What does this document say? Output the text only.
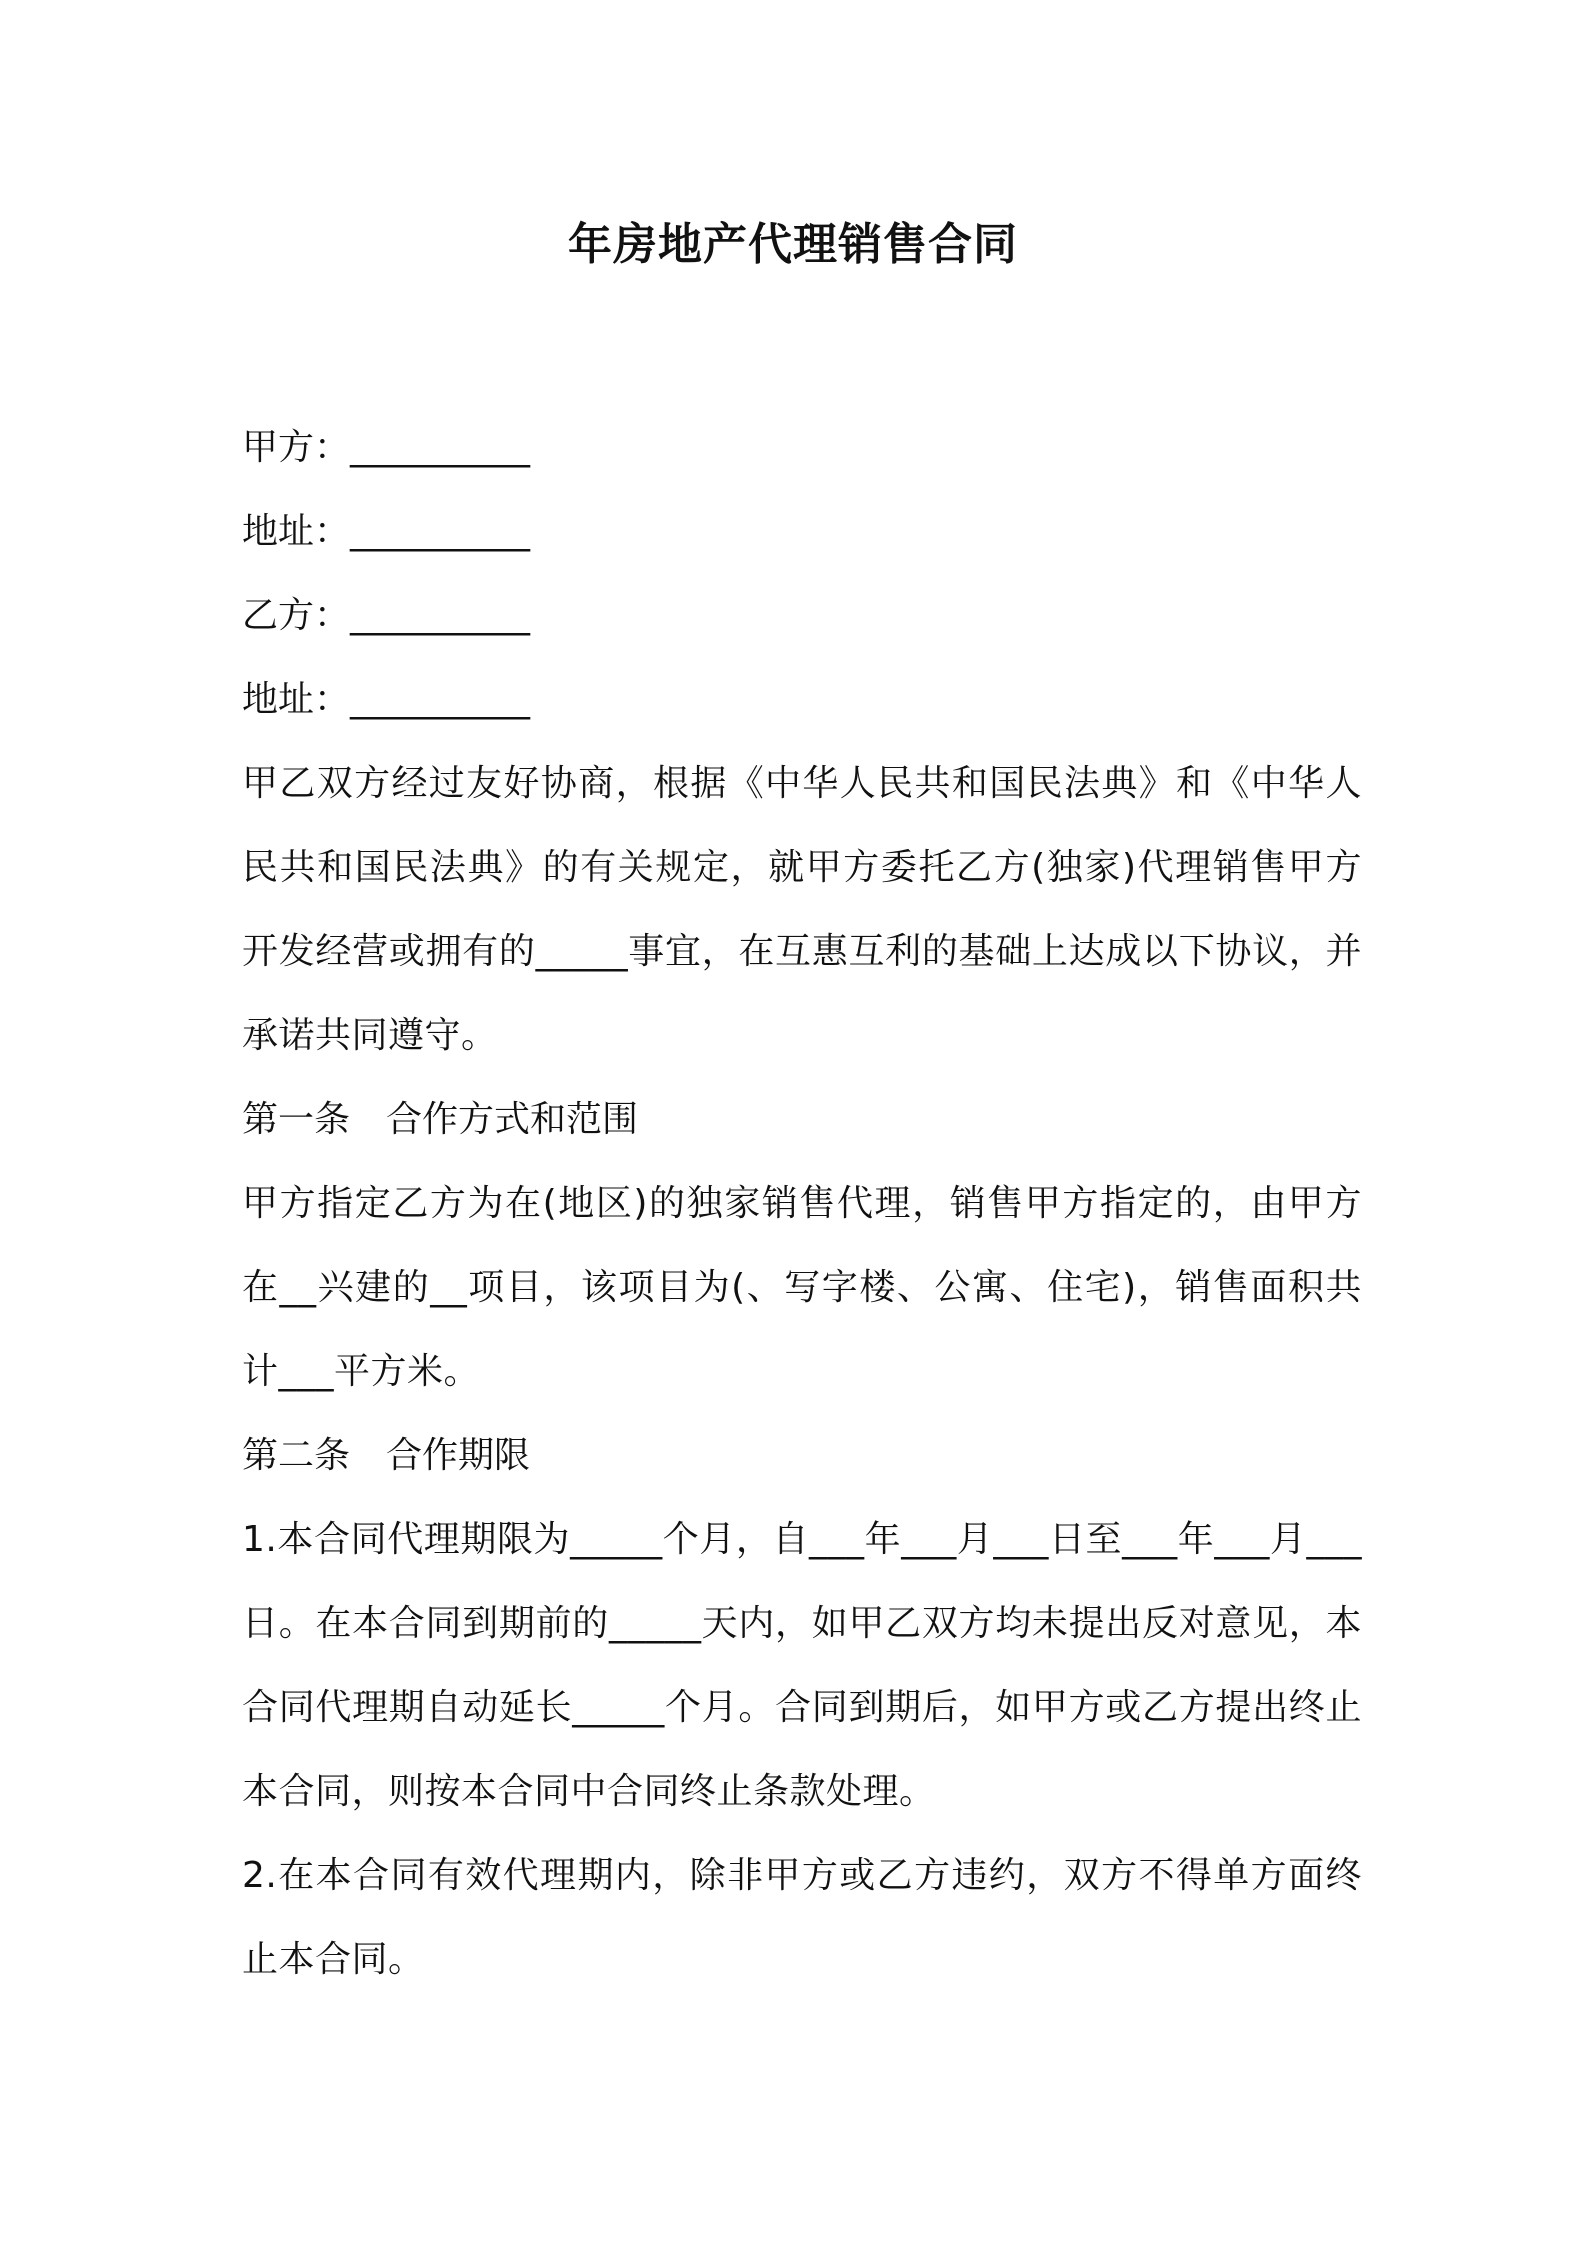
年房地产代理销售合同

甲方：__________

地址：__________

乙方：__________

地址：__________

甲乙双方经过友好协商，根据《中华人民共和国民法典》和《中华人民共和国民法典》的有关规定，就甲方委托乙方(独家)代理销售甲方开发经营或拥有的_____事宜，在互惠互利的基础上达成以下协议，并承诺共同遵守。

第一条　合作方式和范围

甲方指定乙方为在(地区)的独家销售代理，销售甲方指定的，由甲方在__兴建的__项目，该项目为(、写字楼、公寓、住宅)，销售面积共计___平方米。

第二条　合作期限

1.本合同代理期限为_____个月，自___年___月___日至___年___月___日。在本合同到期前的_____天内，如甲乙双方均未提出反对意见，本合同代理期自动延长_____个月。合同到期后，如甲方或乙方提出终止本合同，则按本合同中合同终止条款处理。

2.在本合同有效代理期内，除非甲方或乙方违约，双方不得单方面终止本合同。
